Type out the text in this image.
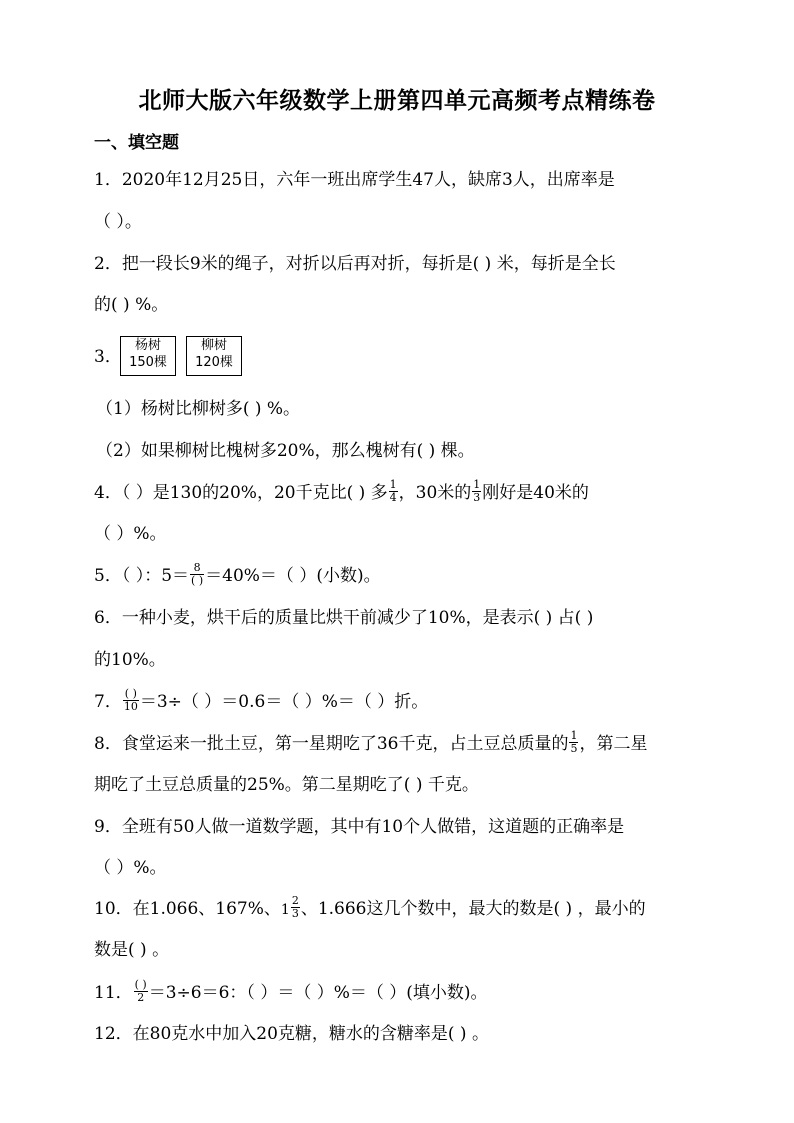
北师大版六年级数学上册第四单元高频考点精练卷
一、填空题
1．2020年12月25日，六年一班出席学生47人，缺席3人，出席率是
（ ）。
2．把一段长9米的绳子，对折以后再对折，每折是( ) 米，每折是全长
的( ) %。
3．
杨树
150棵
柳树
120棵
（1）杨树比柳树多( ) %。
（2）如果柳树比槐树多20%，那么槐树有( ) 棵。
4．（ ）是130的20%，20千克比( ) 多 $\frac{1}{4}$ ，30米的 $\frac{1}{3}$ 刚好是40米的
（ ）%。
5．（ ）：$5= \frac{8}{( )} =40\%=$（ ）(小数)。
6．一种小麦，烘干后的质量比烘干前减少了10%，是表示( ) 占( )
的10%。
7． $\frac{( )}{10} =3\div$（ ）＝0.6＝（ ）%＝（ ）折。
8．食堂运来一批土豆，第一星期吃了36千克，占土豆总质量的 $\frac{1}{5}$ ，第二星
期吃了土豆总质量的25%。第二星期吃了( ) 千克。
9．全班有50人做一道数学题，其中有10个人做错，这道题的正确率是
（ ）%。
10．在1.066、167%、$1 \frac{2}{3}$ 、1.666这几个数中，最大的数是( ) ，最小的
数是( ) 。
11． $\frac{( )}{2} =3\div 6=6$：（ ）＝（ ）%＝（ ）(填小数)。
12．在80克水中加入20克糖，糖水的含糖率是( ) 。
